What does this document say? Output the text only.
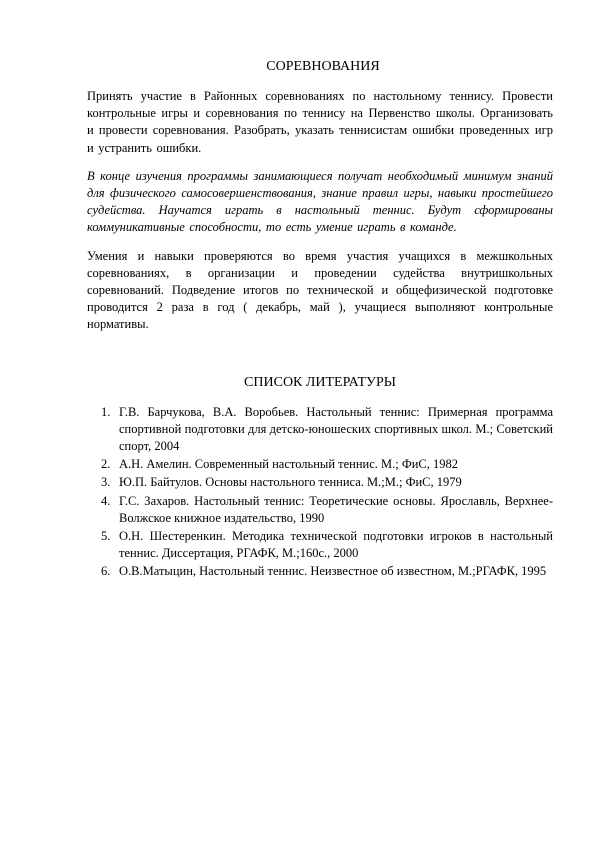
СОРЕВНОВАНИЯ

Принять участие в Районных соревнованиях по настольному теннису. Провести контрольные игры и соревнования по теннису на Первенство школы. Организовать и провести соревнования. Разобрать, указать теннисистам ошибки проведенных игр и устранить ошибки.

В конце изучения программы занимающиеся получат необходимый минимум знаний для физического самосовершенствования, знание правил игры, навыки простейшего судейства. Научатся играть в настольный теннис. Будут сформированы коммуникативные способности, то есть умение играть в команде.

Умения и навыки проверяются во время участия учащихся в межшкольных соревнованиях, в организации и проведении судейства внутришкольных соревнований. Подведение итогов по технической и общефизической подготовке проводится 2 раза в год ( декабрь, май ), учащиеся выполняют контрольные нормативы.

СПИСОК ЛИТЕРАТУРЫ
1. Г.В. Барчукова, В.А. Воробьев. Настольный теннис: Примерная программа спортивной подготовки для детско-юношеских спортивных школ. М.; Советский спорт, 2004
2. А.Н. Амелин. Современный настольный теннис. М.; ФиС, 1982
3. Ю.П. Байтулов. Основы настольного тенниса. М.;М.; ФиС, 1979
4. Г.С. Захаров. Настольный теннис: Теоретические основы. Ярославль, Верхнее-Волжское книжное издательство, 1990
5. О.Н. Шестеренкин. Методика технической подготовки игроков в настольный теннис. Диссертация, РГАФК, М.;160с., 2000
6. О.В.Матыцин, Настольный теннис. Неизвестное об известном, М.;РГАФК, 1995
